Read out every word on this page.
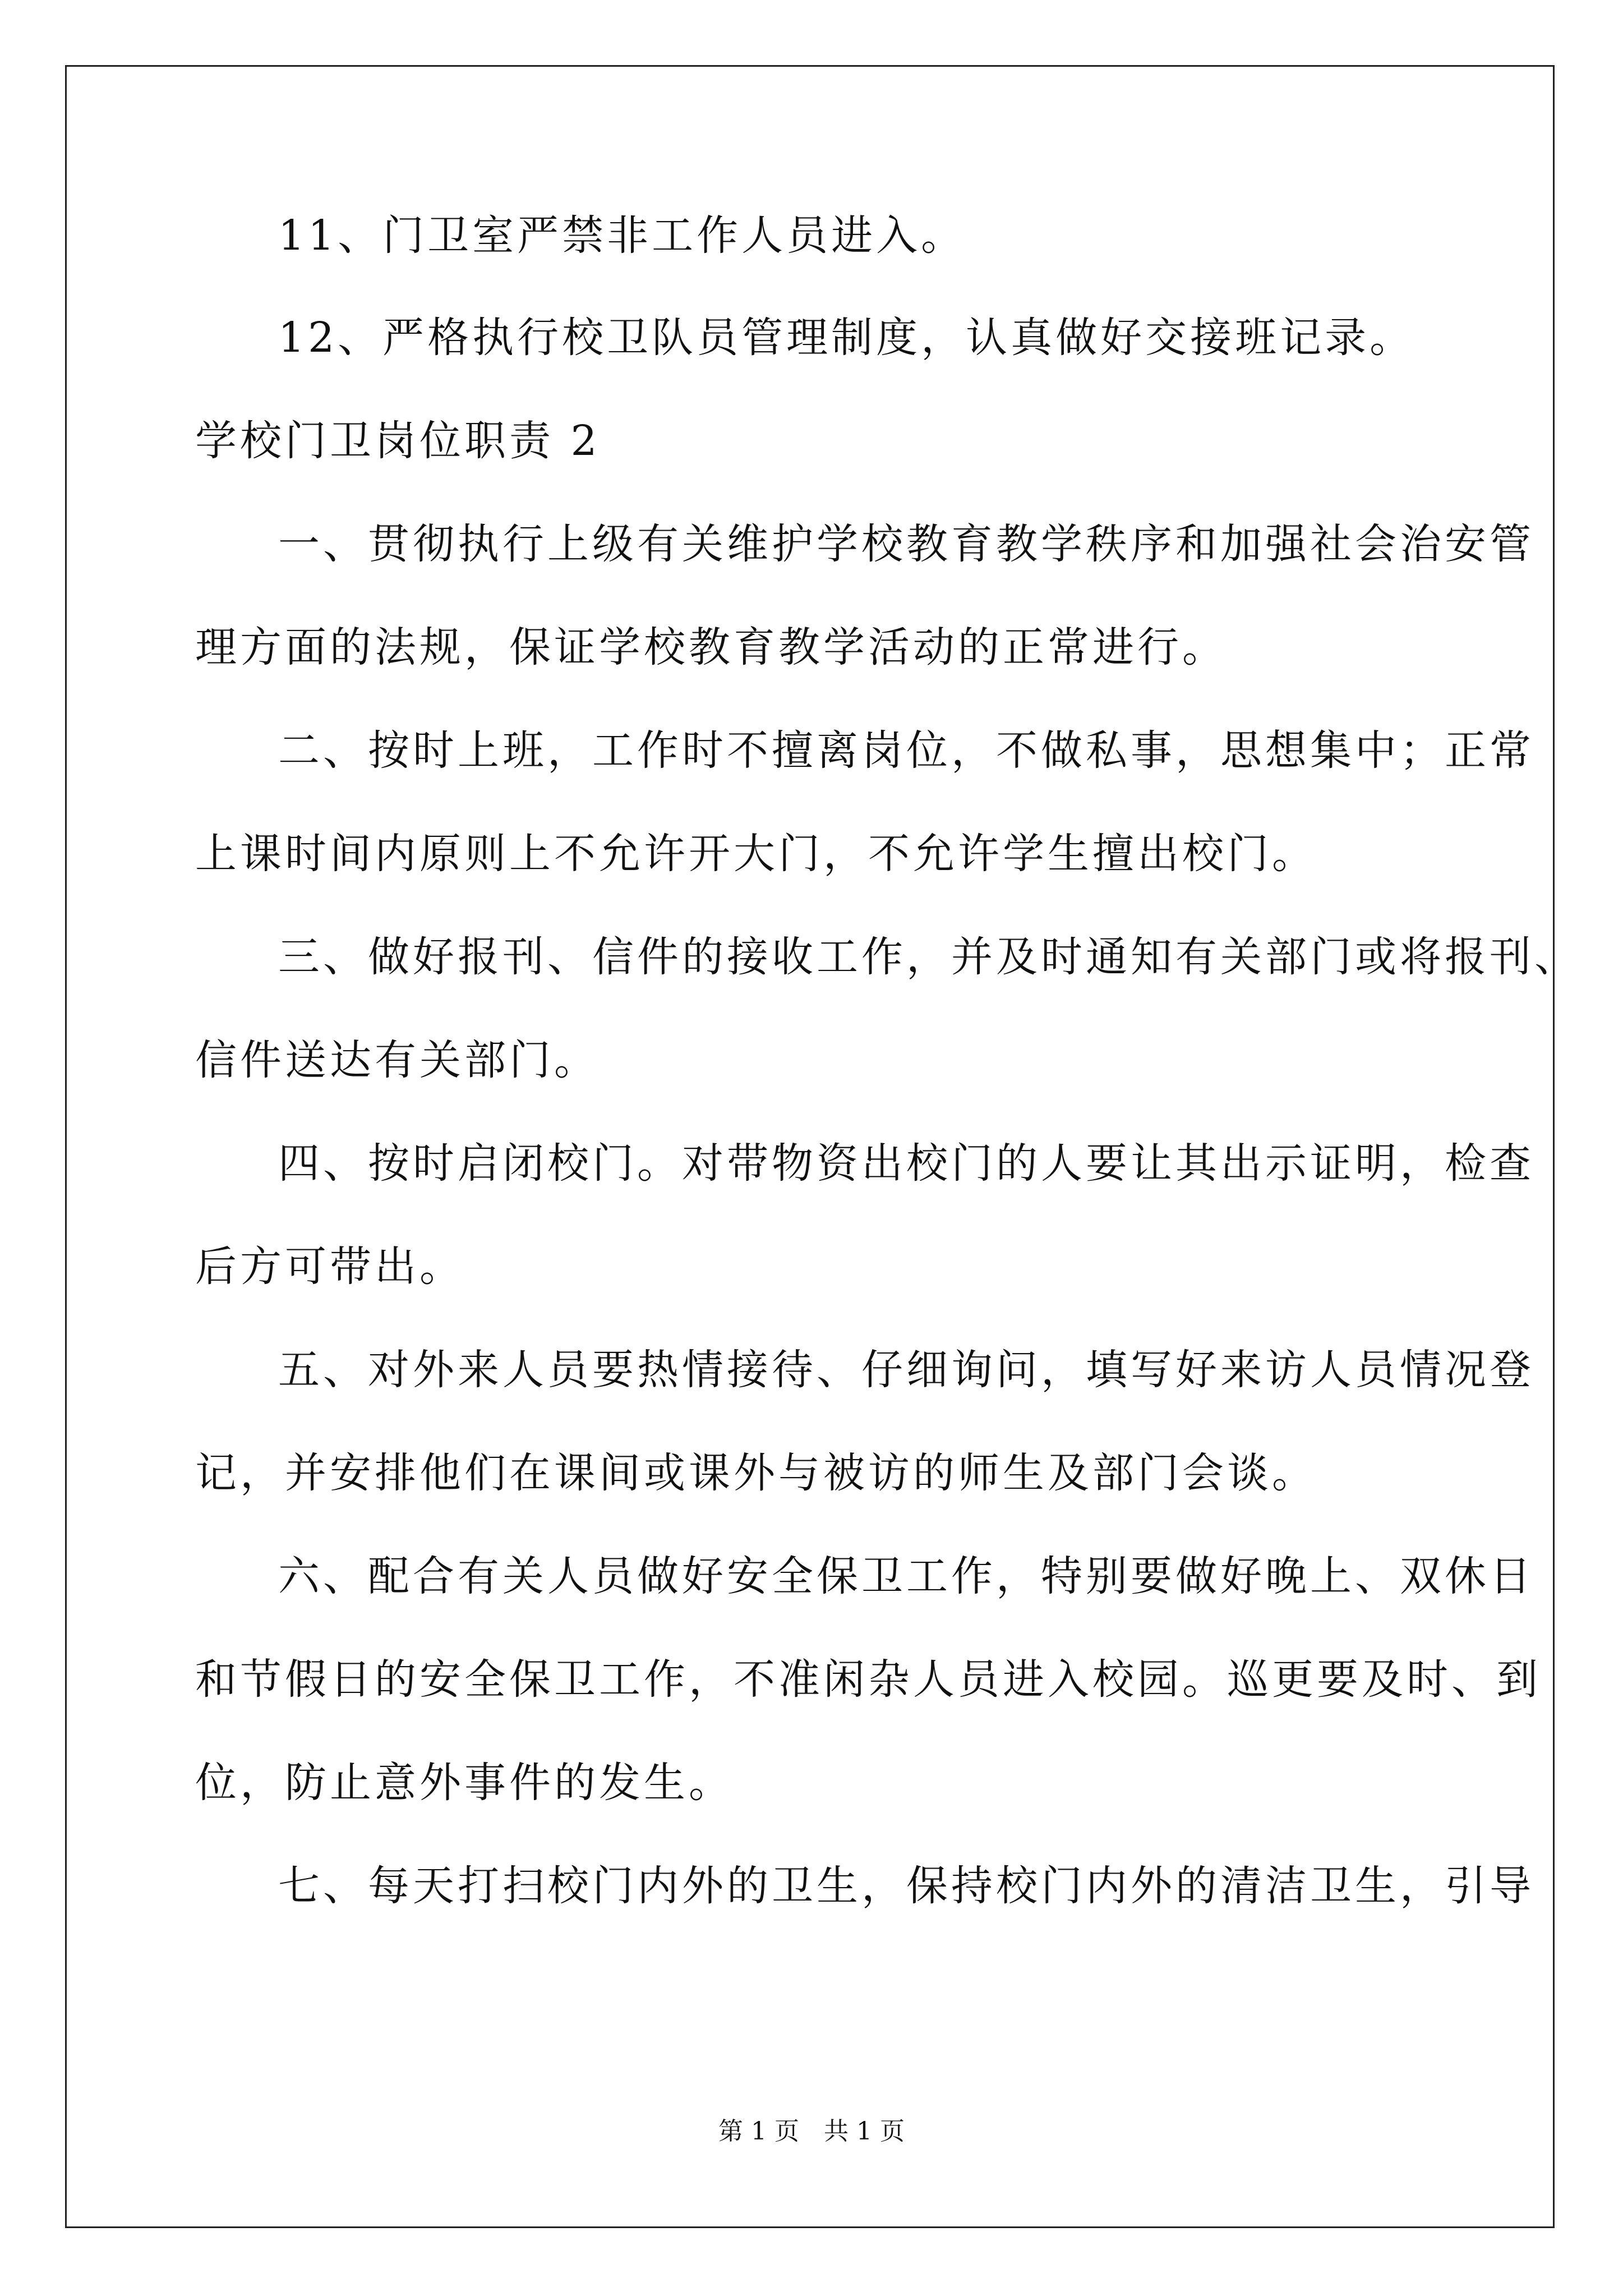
11、门卫室严禁非工作人员进入。
12、严格执行校卫队员管理制度，认真做好交接班记录。
学校门卫岗位职责 2
一、贯彻执行上级有关维护学校教育教学秩序和加强社会治安管
理方面的法规，保证学校教育教学活动的正常进行。
二、按时上班，工作时不擅离岗位，不做私事，思想集中；正常
上课时间内原则上不允许开大门，不允许学生擅出校门。
三、做好报刊、信件的接收工作，并及时通知有关部门或将报刊、
信件送达有关部门。
四、按时启闭校门。对带物资出校门的人要让其出示证明，检查
后方可带出。
五、对外来人员要热情接待、仔细询问，填写好来访人员情况登
记，并安排他们在课间或课外与被访的师生及部门会谈。
六、配合有关人员做好安全保卫工作，特别要做好晚上、双休日
和节假日的安全保卫工作，不准闲杂人员进入校园。巡更要及时、到
位，防止意外事件的发生。
七、每天打扫校门内外的卫生，保持校门内外的清洁卫生，引导
第 1 页　共 1 页
